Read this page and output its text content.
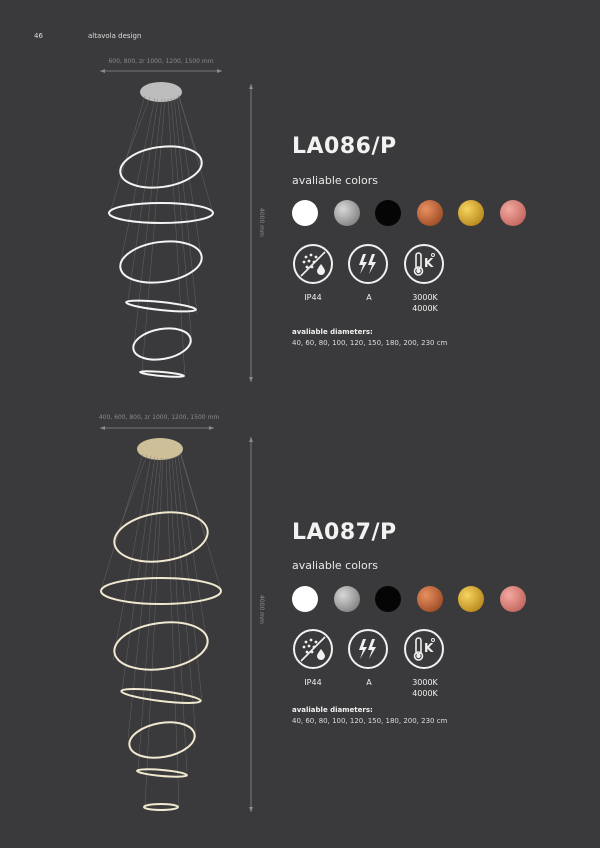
46	altavola design
600, 800, zr 1000, 1200, 1500 mm
4000 mm
LA086/P
avaliable colors
K
IP44	A	3000K
4000K
avaliable diameters:
40, 60, 80, 100, 120, 150, 180, 200, 230 cm
400, 600, 800, zr 1000, 1200, 1500 mm
4000 mm
LA087/P
avaliable colors
K
IP44	A	3000K
4000K
avaliable diameters:
40, 60, 80, 100, 120, 150, 180, 200, 230 cm
